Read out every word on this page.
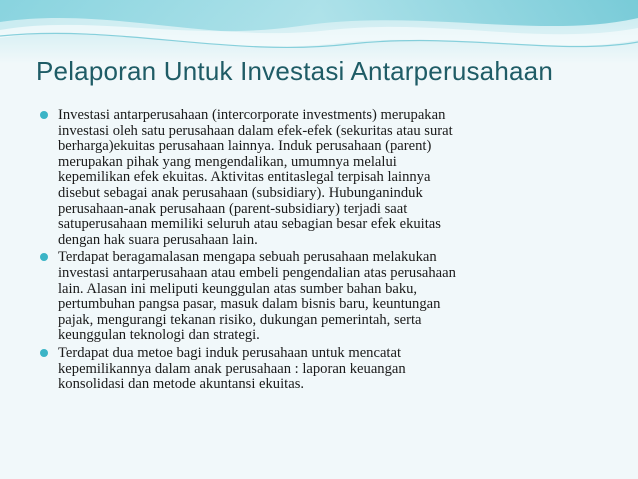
Pelaporan Untuk Investasi Antarperusahaan
Investasi antarperusahaan (intercorporate investments) merupakan
investasi oleh satu perusahaan dalam efek-efek (sekuritas atau surat
berharga)ekuitas perusahaan lainnya. Induk perusahaan (parent)
merupakan pihak yang mengendalikan, umumnya melalui
kepemilikan efek ekuitas. Aktivitas entitaslegal terpisah lainnya
disebut sebagai anak perusahaan (subsidiary). Hubunganinduk
perusahaan-anak perusahaan (parent-subsidiary) terjadi saat
satuperusahaan memiliki seluruh atau sebagian besar efek ekuitas
dengan hak suara perusahaan lain.
Terdapat beragamalasan mengapa sebuah perusahaan melakukan
investasi antarperusahaan atau embeli pengendalian atas perusahaan
lain. Alasan ini meliputi keunggulan atas sumber bahan baku,
pertumbuhan pangsa pasar, masuk dalam bisnis baru, keuntungan
pajak, mengurangi tekanan risiko, dukungan pemerintah, serta
keunggulan teknologi dan strategi.
Terdapat dua metoe bagi induk perusahaan untuk mencatat
kepemilikannya dalam anak perusahaan : laporan keuangan
konsolidasi dan metode akuntansi ekuitas.
